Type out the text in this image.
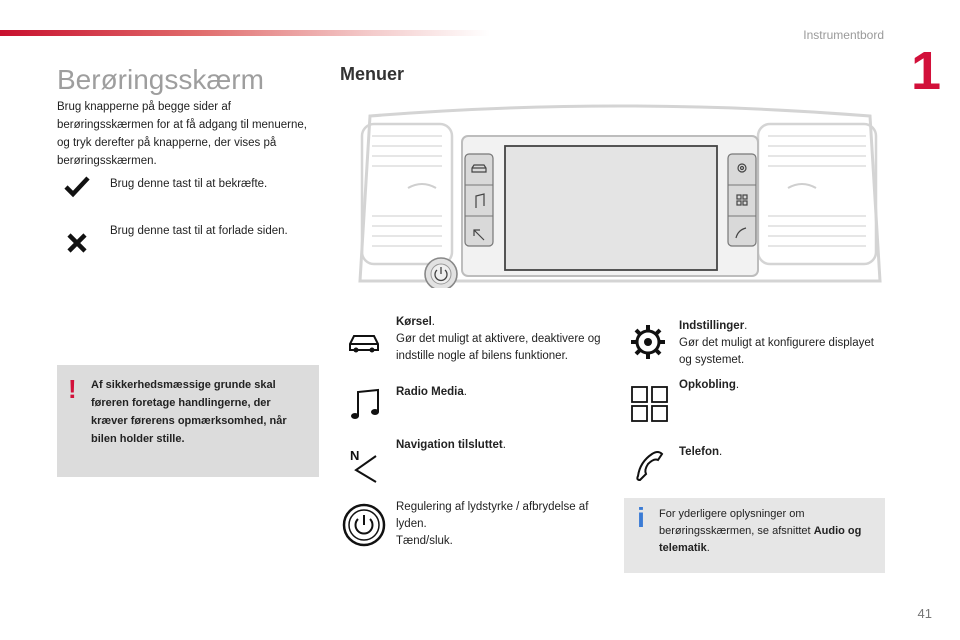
Instrumentbord
1
Berøringsskærm
Brug knapperne på begge sider af berøringsskærmen for at få adgang til menuerne, og tryk derefter på knapperne, der vises på berøringsskærmen.
Brug denne tast til at bekræfte.
Brug denne tast til at forlade siden.
! Af sikkerhedsmæssige grunde skal føreren foretage handlingerne, der kræver førerens opmærksomhed, når bilen holder stille.
Menuer
Kørsel.
Gør det muligt at aktivere, deaktivere og indstille nogle af bilens funktioner.
Radio Media.
N
Navigation tilsluttet.
Regulering af lydstyrke / afbrydelse af lyden.
Tænd/sluk.
Indstillinger.
Gør det muligt at konfigurere displayet og systemet.
Opkobling.
Telefon.
i For yderligere oplysninger om berøringsskærmen, se afsnittet Audio og telematik.
41
